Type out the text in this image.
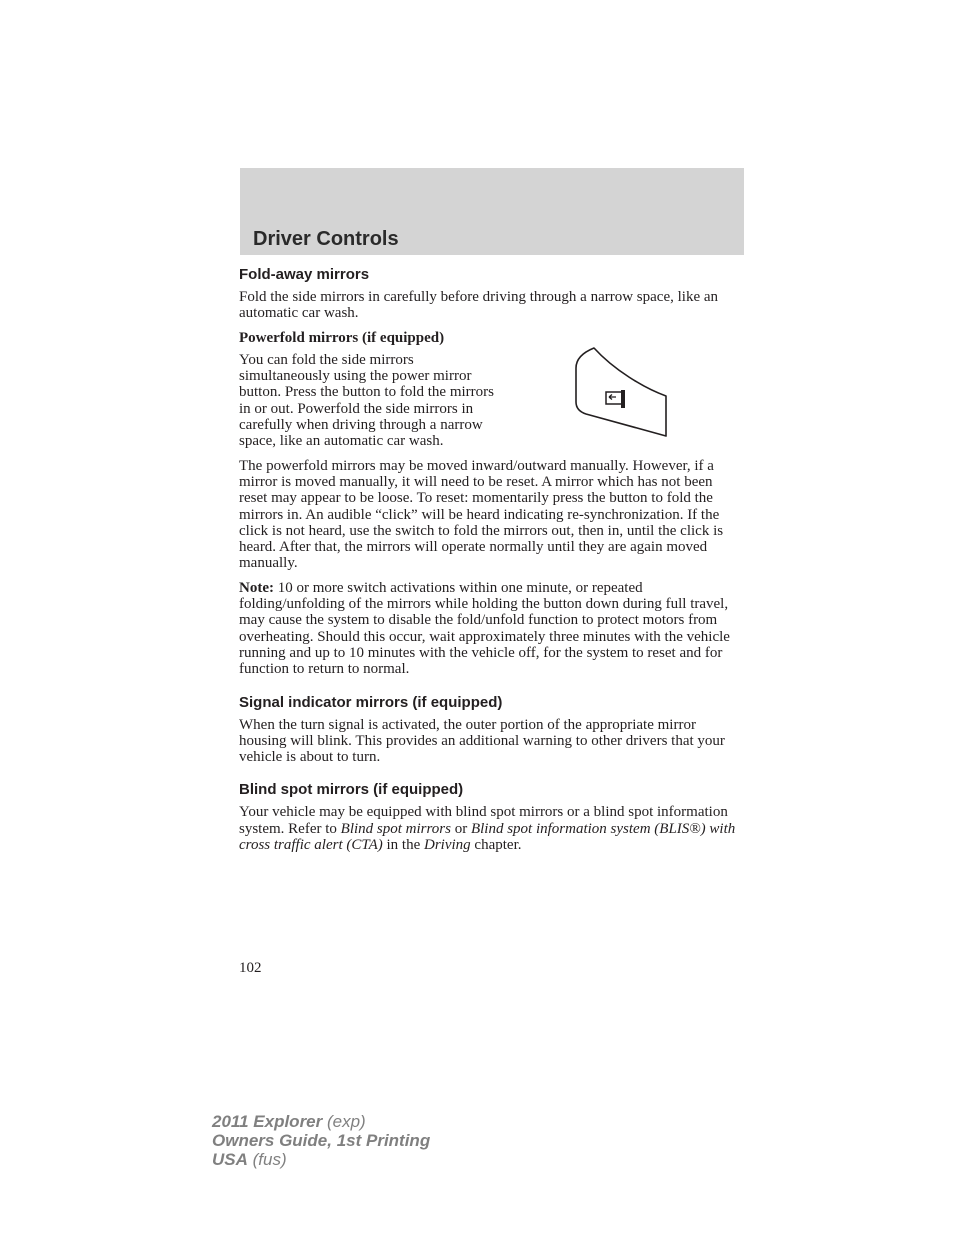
Driver Controls
Fold-away mirrors

Fold the side mirrors in carefully before driving through a narrow space, like an automatic car wash.

Powerfold mirrors (if equipped)

You can fold the side mirrors simultaneously using the power mirror button. Press the button to fold the mirrors in or out. Powerfold the side mirrors in carefully when driving through a narrow space, like an automatic car wash.

The powerfold mirrors may be moved inward/outward manually. However, if a mirror is moved manually, it will need to be reset. A mirror which has not been reset may appear to be loose. To reset: momentarily press the button to fold the mirrors in. An audible “click” will be heard indicating re-synchronization. If the click is not heard, use the switch to fold the mirrors out, then in, until the click is heard. After that, the mirrors will operate normally until they are again moved manually.

Note: 10 or more switch activations within one minute, or repeated folding/unfolding of the mirrors while holding the button down during full travel, may cause the system to disable the fold/unfold function to protect motors from overheating. Should this occur, wait approximately three minutes with the vehicle running and up to 10 minutes with the vehicle off, for the system to reset and for function to return to normal.

Signal indicator mirrors (if equipped)

When the turn signal is activated, the outer portion of the appropriate mirror housing will blink. This provides an additional warning to other drivers that your vehicle is about to turn.

Blind spot mirrors (if equipped)

Your vehicle may be equipped with blind spot mirrors or a blind spot information system. Refer to Blind spot mirrors or Blind spot information system (BLIS®) with cross traffic alert (CTA) in the Driving chapter.

102
2011 Explorer (exp)
Owners Guide, 1st Printing
USA (fus)
